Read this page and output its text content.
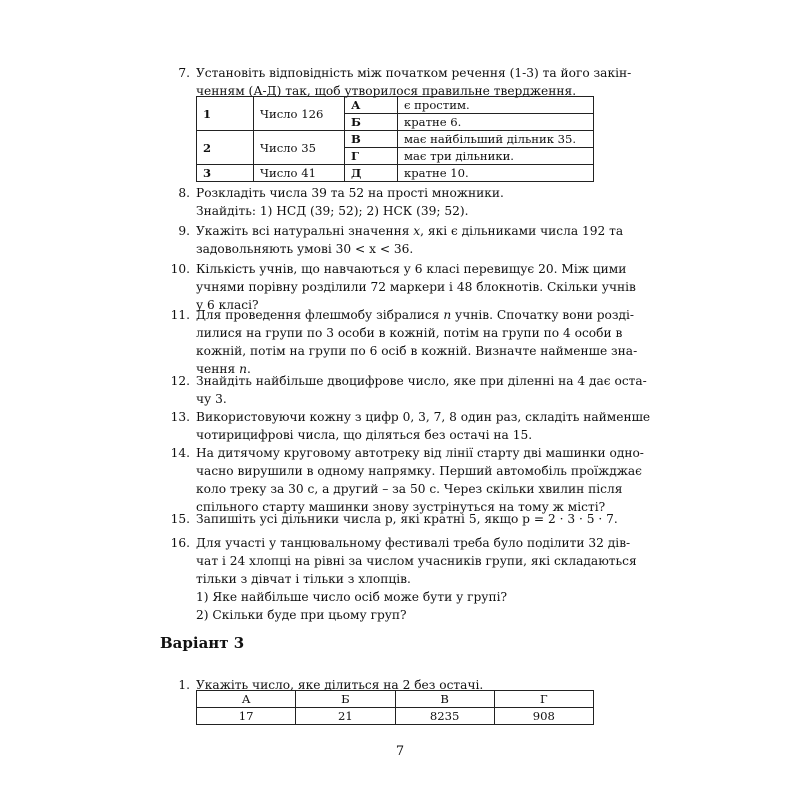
7. Установіть відповідність між початком речення (1-3) та його закін-
ченням (А-Д) так, щоб утворилося правильне твердження.
1	Число 126	А	є простим.
		Б	кратне 6.
2	Число 35	В	має найбільший дільник 35.
		Г	має три дільники.
3	Число 41	Д	кратне 10.
8. Розкладіть числа 39 та 52 на прості множники.
Знайдіть: 1) НСД (39; 52); 2) НСК (39; 52).
9. Укажіть всі натуральні значення x, які є дільниками числа 192 та
задовольняють умові 30 < x < 36.
10. Кількість учнів, що навчаються у 6 класі перевищує 20. Між цими
учнями порівну розділили 72 маркери і 48 блокнотів. Скільки учнів
у 6 класі?
11. Для проведення флешмобу зібралися n учнів. Спочатку вони розді-
лилися на групи по 3 особи в кожній, потім на групи по 4 особи в
кожній, потім на групи по 6 осіб в кожній. Визначте найменше зна-
чення n.
12. Знайдіть найбільше двоцифрове число, яке при діленні на 4 дає оста-
чу 3.
13. Використовуючи кожну з цифр 0, 3, 7, 8 один раз, складіть найменше
чотирицифрові числа, що діляться без остачі на 15.
14. На дитячому круговому автотреку від лінії старту дві машинки одно-
часно вирушили в одному напрямку. Перший автомобіль проїжджає
коло треку за 30 с, а другий – за 50 с. Через скільки хвилин після
спільного старту машинки знову зустрінуться на тому ж місті?
15. Запишіть усі дільники числа p, які кратні 5, якщо p = 2 · 3 · 5 · 7.
16. Для участі у танцювальному фестивалі треба було поділити 32 дів-
чат і 24 хлопці на рівні за числом учасників групи, які складаються
тільки з дівчат і тільки з хлопців.
1) Яке найбільше число осіб може бути у групі?
2) Скільки буде при цьому груп?
Варіант 3
1. Укажіть число, яке ділиться на 2 без остачі.
А	Б	В	Г
17	21	8235	908
7
